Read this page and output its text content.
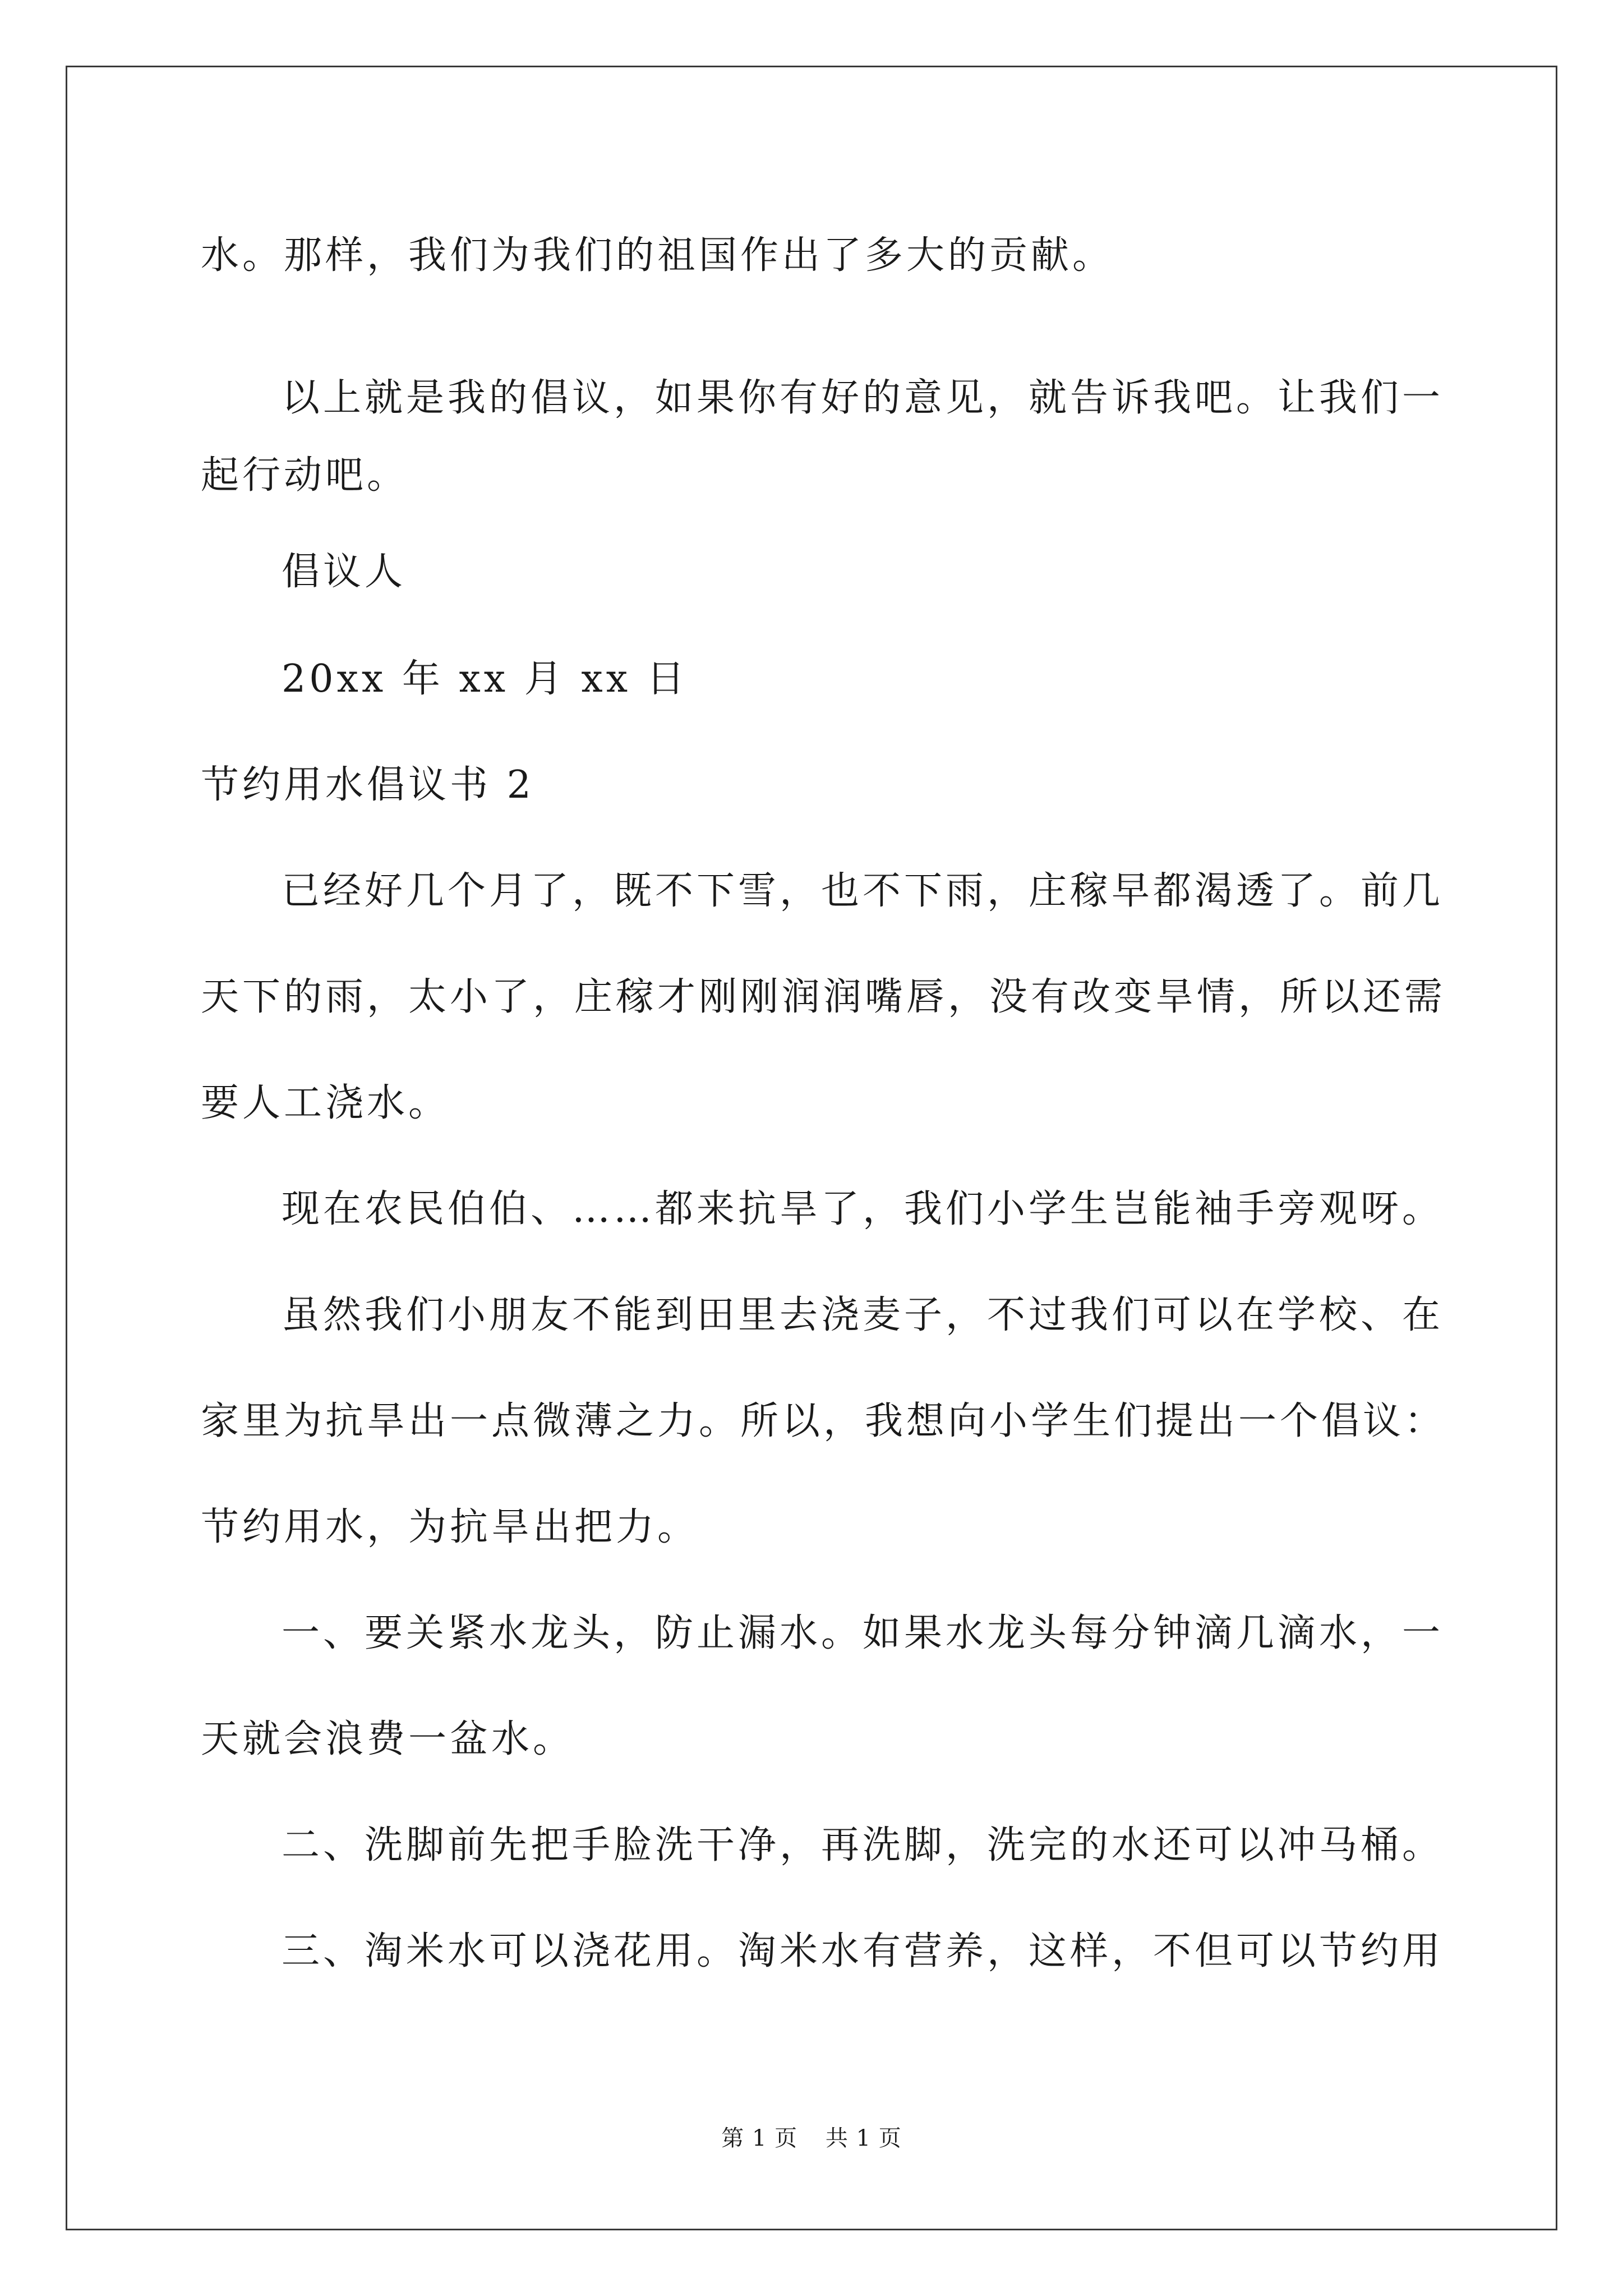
水。那样，我们为我们的祖国作出了多大的贡献。
以上就是我的倡议，如果你有好的意见，就告诉我吧。让我们一
起行动吧。
倡议人
20xx 年 xx 月 xx 日
节约用水倡议书 2
已经好几个月了，既不下雪，也不下雨，庄稼早都渴透了。前几
天下的雨，太小了，庄稼才刚刚润润嘴唇，没有改变旱情，所以还需
要人工浇水。
现在农民伯伯、……都来抗旱了，我们小学生岂能袖手旁观呀。
虽然我们小朋友不能到田里去浇麦子，不过我们可以在学校、在
家里为抗旱出一点微薄之力。所以，我想向小学生们提出一个倡议：
节约用水，为抗旱出把力。
一、要关紧水龙头，防止漏水。如果水龙头每分钟滴几滴水，一
天就会浪费一盆水。
二、洗脚前先把手脸洗干净，再洗脚，洗完的水还可以冲马桶。
三、淘米水可以浇花用。淘米水有营养，这样，不但可以节约用
第 1 页 共 1 页
